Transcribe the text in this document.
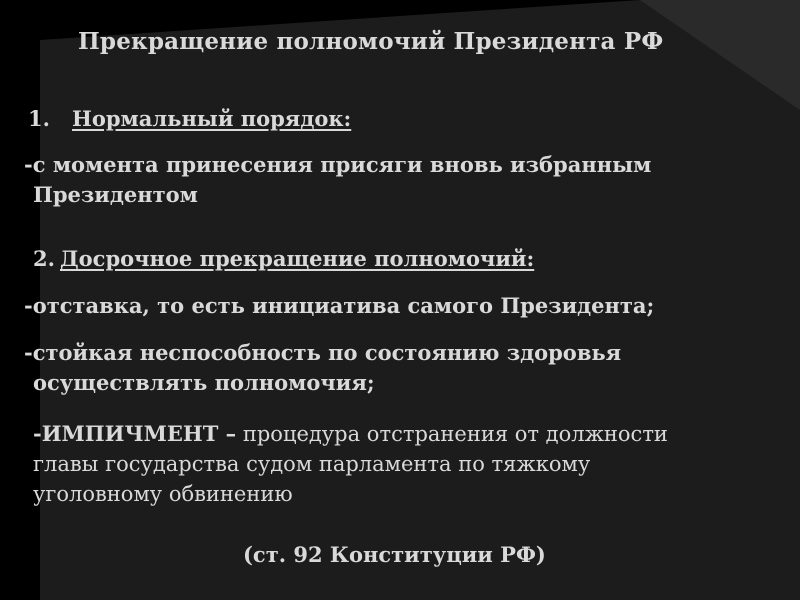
Прекращение полномочий Президента РФ
1. Нормальный порядок:
-с момента принесения присяги вновь избранным
Президентом
2. Досрочное прекращение полномочий:
-отставка, то есть инициатива самого Президента;
-стойкая неспособность по состоянию здоровья
осуществлять полномочия;
-ИМПИЧМЕНТ – процедура отстранения от должности
главы государства судом парламента по тяжкому
уголовному обвинению
(ст. 92 Конституции РФ)
